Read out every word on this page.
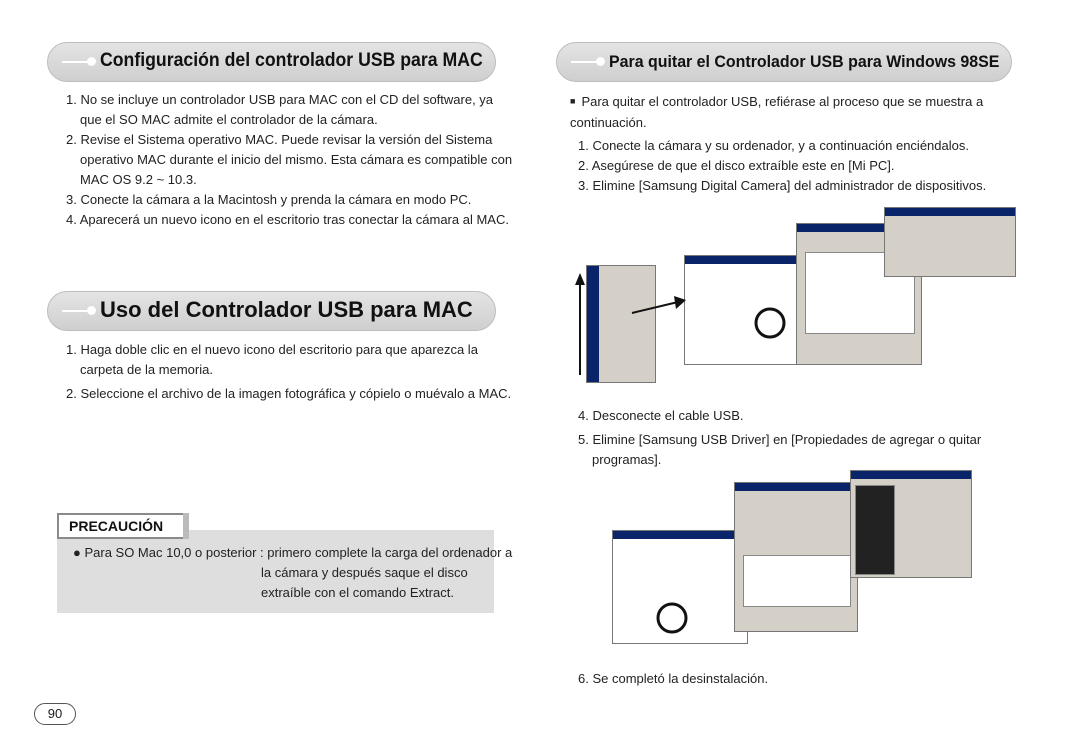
Configuración del controlador USB para MAC

1. No se incluye un controlador USB para MAC con el CD del software, ya que el SO MAC admite el controlador de la cámara.

2. Revise el Sistema operativo MAC. Puede revisar la versión del Sistema operativo MAC durante el inicio del mismo. Esta cámara es compatible con MAC OS 9.2 ~ 10.3.

3. Conecte la cámara a la Macintosh y prenda la cámara en modo PC.

4. Aparecerá un nuevo icono en el escritorio tras conectar la cámara al MAC.

Uso del Controlador USB para MAC

1. Haga doble clic en el nuevo icono del escritorio para que aparezca la carpeta de la memoria.

2. Seleccione el archivo de la imagen fotográfica y cópielo o muévalo a MAC.

● Para SO Mac 10,0 o posterior : primero complete la carga del ordenador a
la cámara y después saque el disco
extraíble con el comando Extract.
PRECAUCIÓN
Para quitar el Controlador USB para Windows 98SE

■ Para quitar el controlador USB, refiérase al proceso que se muestra a continuación.

1. Conecte la cámara y su ordenador, y a continuación enciéndalos.

2. Asegúrese de que el disco extraíble este en [Mi PC].

3. Elimine [Samsung Digital Camera] del administrador de dispositivos.

4. Desconecte el cable USB.

5. Elimine [Samsung USB Driver] en [Propiedades de agregar o quitar programas].

6. Se completó la desinstalación.
90
